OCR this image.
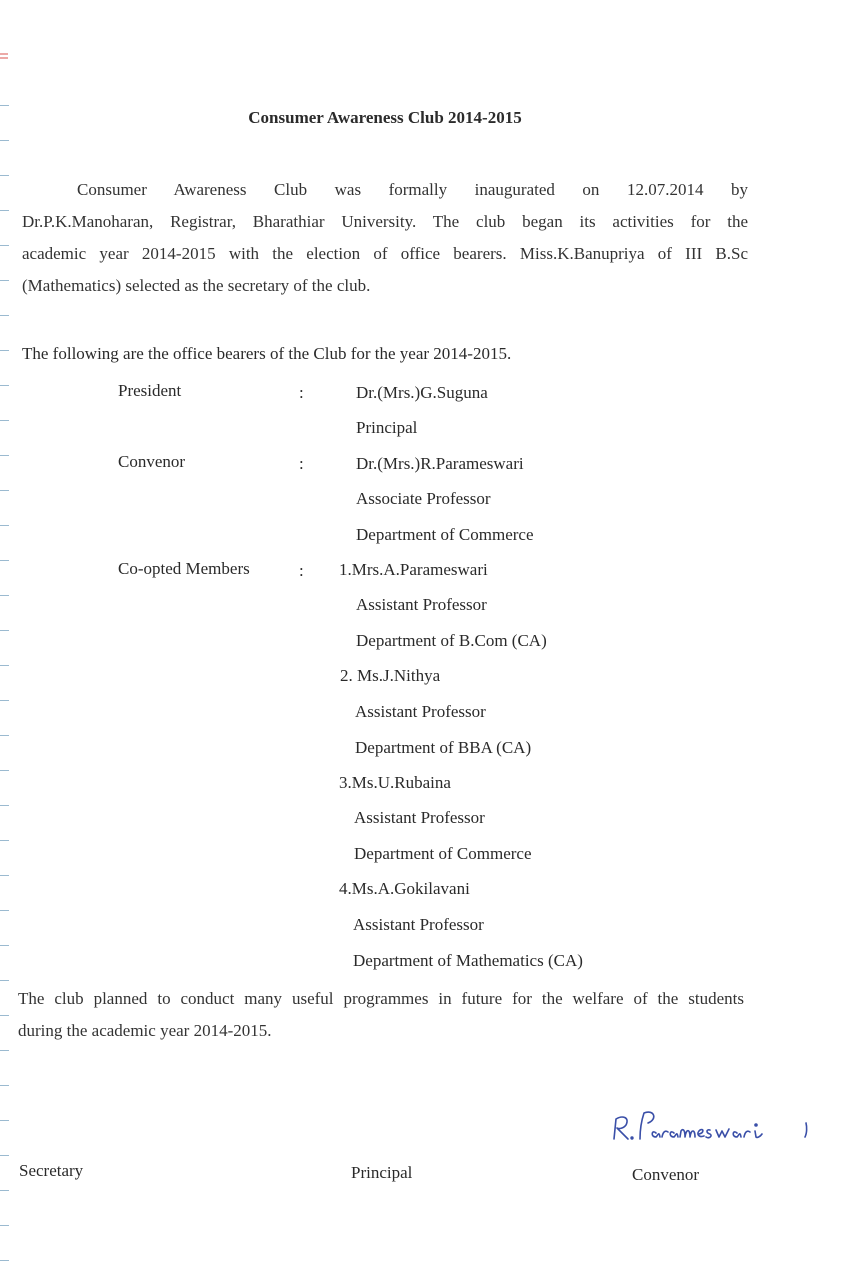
Consumer Awareness Club 2014-2015
Consumer Awareness Club was formally inaugurated on 12.07.2014 by
Dr.P.K.Manoharan, Registrar, Bharathiar University. The club began its activities for the
academic year 2014-2015 with the election of office bearers. Miss.K.Banupriya of III B.Sc
(Mathematics) selected as the secretary of the club.
The following are the office bearers of the Club for the year 2014-2015.
President	:	Dr.(Mrs.)G.Suguna
Principal
Convenor	:	Dr.(Mrs.)R.Parameswari
Associate Professor
Department of Commerce
Co-opted Members	: 1.Mrs.A.Parameswari
Assistant Professor
Department of B.Com (CA)
2. Ms.J.Nithya
Assistant Professor
Department of BBA (CA)
3.Ms.U.Rubaina
Assistant Professor
Department of Commerce
4.Ms.A.Gokilavani
Assistant Professor
Department of Mathematics (CA)
The club planned to conduct many useful programmes in future for the welfare of the students
during the academic year 2014-2015.
Secretary	Principal	Convenor
